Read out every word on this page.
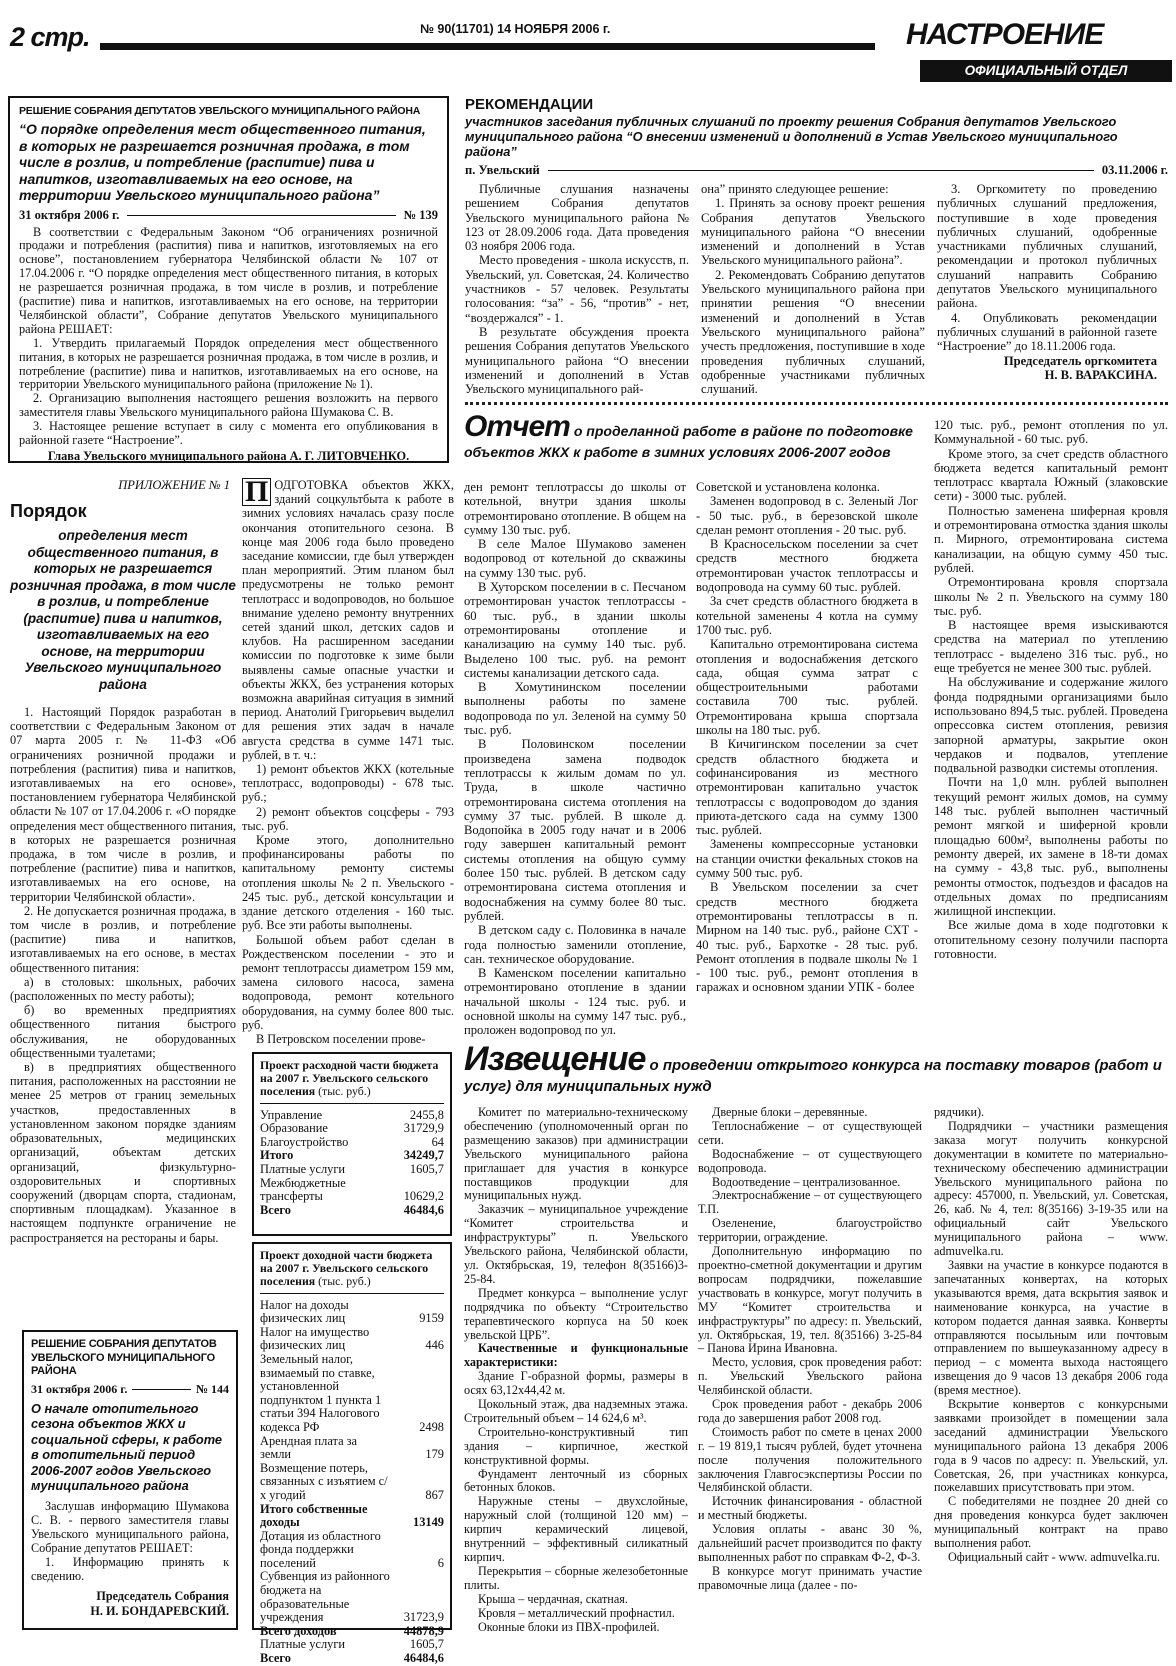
2 стр.	№ 90(11701) 14 НОЯБРЯ 2006 г.	НАСТРОЕНИЕ
ОФИЦИАЛЬНЫЙ ОТДЕЛ
РЕШЕНИЕ СОБРАНИЯ ДЕПУТАТОВ УВЕЛЬСКОГО МУНИЦИПАЛЬНОГО РАЙОНА
“О порядке определения мест общественного питания, в которых не разрешается розничная продажа, в том числе в розлив, и потребление (распитие) пива и напитков, изготавливаемых на его основе, на территории Увельского муниципального района”
31 октября 2006 г.	№ 139

В соответствии с Федеральным Законом “Об ограничениях розничной продажи и потребления (распития) пива и напитков, изготовляемых на его основе”, постановлением губернатора Челябинской области № 107 от 17.04.2006 г. “О порядке определения мест общественного питания, в которых не разрешается розничная продажа, в том числе в розлив, и потребление (распитие) пива и напитков, изготавливаемых на его основе, на территории Челябинской области”, Собрание депутатов Увельского муниципального района РЕШАЕТ:

1. Утвердить прилагаемый Порядок определения мест общественного питания, в которых не разрешается розничная продажа, в том числе в розлив, и потребление (распитие) пива и напитков, изготавливаемых на его основе, на территории Увельского муниципального района (приложение № 1).

2. Организацию выполнения настоящего решения возложить на первого заместителя главы Увельского муниципального района Шумакова С. В.

3. Настоящее решение вступает в силу с момента его опубликования в районной газете “Настроение”.

Глава Увельского муниципального района А. Г. ЛИТОВЧЕНКО.
РЕКОМЕНДАЦИИ
участников заседания публичных слушаний по проекту решения Собрания депутатов Увельского муниципального района “О внесении изменений и дополнений в Устав Увельского муниципального района”
п. Увельский	03.11.2006 г.

Публичные слушания назначены решением Собрания депутатов Увельского муниципального района № 123 от 28.09.2006 года. Дата проведения 03 ноября 2006 года.

Место проведения - школа искусств, п. Увельский, ул. Советская, 24. Количество участников - 57 человек. Результаты голосования: “за” - 56, “против” - нет, “воздержался” - 1.

В результате обсуждения проекта решения Собрания депутатов Увельского муниципального района “О внесении изменений и дополнений в Устав Увельского муниципального рай-

она” принято следующее решение:

1. Принять за основу проект решения Собрания депутатов Увельского муниципального района “О внесении изменений и дополнений в Устав Увельского муниципального района”.

2. Рекомендовать Собранию депутатов Увельского муниципального района при принятии решения “О внесении изменений и дополнений в Устав Увельского муниципального района” учесть предложения, поступившие в ходе проведения публичных слушаний, одобренные участниками публичных слушаний.

3. Оргкомитету по проведению публичных слушаний предложения, поступившие в ходе проведения публичных слушаний, одобренные участниками публичных слушаний, рекомендации и протокол публичных слушаний направить Собранию депутатов Увельского муниципального района.

4. Опубликовать рекомендации публичных слушаний в районной газете “Настроение” до 18.11.2006 года.

Председатель оргкомитета
Н. В. ВАРАКСИНА.
ПРИЛОЖЕНИЕ № 1
Порядок
определения мест общественного питания, в которых не разрешается розничная продажа, в том числе в розлив, и потребление (распитие) пива и напитков, изготавливаемых на его основе, на территории Увельского муниципального района

1. Настоящий Порядок разработан в соответствии с Федеральным Законом от 07 марта 2005 г. № 11-ФЗ «Об ограничениях розничной продажи и потребления (распития) пива и напитков, изготавливаемых на его основе», постановлением губернатора Челябинской области № 107 от 17.04.2006 г. «О порядке определения мест общественного питания, в которых не разрешается розничная продажа, в том числе в розлив, и потребление (распитие) пива и напитков, изготавливаемых на его основе, на территории Челябинской области».

2. Не допускается розничная продажа, в том числе в розлив, и потребление (распитие) пива и напитков, изготавливаемых на его основе, в местах общественного питания:

а) в столовых: школьных, рабочих (расположенных по месту работы);

б) во временных предприятиях общественного питания быстрого обслуживания, не оборудованных общественными туалетами;

в) в предприятиях общественного питания, расположенных на расстоянии не менее 25 метров от границ земельных участков, предоставленных в установленном законом порядке зданиям образовательных, медицинских организаций, объектам детских организаций, физкультурно-оздоровительных и спортивных сооружений (дворцам спорта, стадионам, спортивным площадкам). Указанное в настоящем подпункте ограничение не распространяется на рестораны и бары.

П ОДГОТОВКА объектов ЖКХ, зданий соцкультбыта к работе в зимних условиях началась сразу после окончания отопительного сезона. В конце мая 2006 года было проведено заседание комиссии, где был утвержден план мероприятий. Этим планом был предусмотрены не только ремонт теплотрасс и водопроводов, но большое внимание уделено ремонту внутренних сетей зданий школ, детских садов и клубов. На расширенном заседании комиссии по подготовке к зиме были выявлены самые опасные участки и объекты ЖКХ, без устранения которых возможна аварийная ситуация в зимний период. Анатолий Григорьевич выделил для решения этих задач в начале августа средства в сумме 1471 тыс. рублей, в т. ч.:

1) ремонт объектов ЖКХ (котельные теплотрасс, водопроводы) - 678 тыс. руб.;

2) ремонт объектов соцсферы - 793 тыс. руб.

Кроме этого, дополнительно профинансированы работы по капитальному ремонту системы отопления школы № 2 п. Увельского - 245 тыс. руб., детской консультации и здание детского отделения - 160 тыс. руб. Все эти работы выполнены.

Большой объем работ сделан в Рождественском поселении - это и ремонт теплотрассы диаметром 159 мм, замена силового насоса, замена водопровода, ремонт котельного оборудования, на сумму более 800 тыс. руб.

В Петровском поселении прове-

Проект расходной части бюджета на 2007 г. Увельского сельского поселения (тыс. руб.)
Управление	2455,8
Образование	31729,9
Благоустройство	64
Итого	34249,7
Платные услуги	1605,7
Межбюджетные трансферты	10629,2
Всего	46484,6
Проект доходной части бюджета на 2007 г. Увельского сельского поселения (тыс. руб.)
Налог на доходы физических лиц	9159
Налог на имущество физических лиц	446
Земельный налог, взимаемый по ставке, установленной подпунктом 1 пункта 1 статьи 394 Налогового кодекса РФ	2498
Арендная плата за земли	179
Возмещение потерь, связанных с изъятием с/х угодий	867
Итого собственные доходы	13149
Дотация из областного фонда поддержки поселений	6
Субвенция из районного бюджета на образовательные учреждения	31723,9
Всего доходов	44878,9
Платные услуги	1605,7
Всего	46484,6
РЕШЕНИЕ СОБРАНИЯ ДЕПУТАТОВ УВЕЛЬСКОГО МУНИЦИПАЛЬНОГО РАЙОНА
31 октября 2006 г.	№ 144
О начале отопительного сезона объектов ЖКХ и социальной сферы, к работе в отопительный период 2006-2007 годов Увельского муниципального района

Заслушав информацию Шумакова С. В. - первого заместителя главы Увельского муниципального района, Собрание депутатов РЕШАЕТ:

1. Информацию принять к сведению.

Председатель Собрания
Н. И. БОНДАРЕВСКИЙ.
Отчет о проделанной работе в районе по подготовке объектов ЖКХ к работе в зимних условиях 2006-2007 годов

ден ремонт теплотрассы до школы от котельной, внутри здания школы отремонтировано отопление. В общем на сумму 130 тыс. руб.

В селе Малое Шумаково заменен водопровод от котельной до скважины на сумму 130 тыс. руб.

В Хуторском поселении в с. Песчаном отремонтирован участок теплотрассы - 60 тыс. руб., в здании школы отремонтированы отопление и канализацию на сумму 140 тыс. руб. Выделено 100 тыс. руб. на ремонт системы канализации детского сада.

В Хомутининском поселении выполнены работы по замене водопровода по ул. Зеленой на сумму 50 тыс. руб.

В Половинском поселении произведена замена подводок теплотрассы к жилым домам по ул. Труда, в школе частично отремонтирована система отопления на сумму 37 тыс. рублей. В школе д. Водопойка в 2005 году начат и в 2006 году завершен капитальный ремонт системы отопления на общую сумму более 150 тыс. рублей. В детском саду отремонтирована система отопления и водоснабжения на сумму более 80 тыс. рублей.

В детском саду с. Половинка в начале года полностью заменили отопление, сан. техническое оборудование.

В Каменском поселении капитально отремонтировано отопление в здании начальной школы - 124 тыс. руб. и основной школы на сумму 147 тыс. руб., проложен водопровод по ул.

Советской и установлена колонка.

Заменен водопровод в с. Зеленый Лог - 50 тыс. руб., в березовской школе сделан ремонт отопления - 20 тыс. руб.

В Красносельском поселении за счет средств местного бюджета отремонтирован участок теплотрассы и водопровода на сумму 60 тыс. рублей.

За счет средств областного бюджета в котельной заменены 4 котла на сумму 1700 тыс. руб.

Капитально отремонтирована система отопления и водоснабжения детского сада, общая сумма затрат с общестроительными работами составила 700 тыс. рублей. Отремонтирована крыша спортзала школы на 180 тыс. руб.

В Кичигинском поселении за счет средств областного бюджета и софинансирования из местного отремонтирован капитально участок теплотрассы с водопроводом до здания приюта-детского сада на сумму 1300 тыс. рублей.

Заменены компрессорные установки на станции очистки фекальных стоков на сумму 500 тыс. руб.

В Увельском поселении за счет средств местного бюджета отремонтированы теплотрассы в п. Мирном на 140 тыс. руб., районе СХТ - 40 тыс. руб., Бархотке - 28 тыс. руб. Ремонт отопления в подвале школы № 1 - 100 тыс. руб., ремонт отопления в гаражах и основном здании УПК - более

120 тыс. руб., ремонт отопления по ул. Коммунальной - 60 тыс. руб.

Кроме этого, за счет средств областного бюджета ведется капитальный ремонт теплотрасс квартала Южный (злаковские сети) - 3000 тыс. рублей.

Полностью заменена шиферная кровля и отремонтирована отмостка здания школы п. Мирного, отремонтирована система канализации, на общую сумму 450 тыс. рублей.

Отремонтирована кровля спортзала школы № 2 п. Увельского на сумму 180 тыс. руб.

В настоящее время изыскиваются средства на материал по утеплению теплотрасс - выделено 316 тыс. руб., но еще требуется не менее 300 тыс. рублей.

На обслуживание и содержание жилого фонда подрядными организациями было использовано 894,5 тыс. рублей. Проведена опрессовка систем отопления, ревизия запорной арматуры, закрытие окон чердаков и подвалов, утепление подвальной разводки системы отопления.

Почти на 1,0 млн. рублей выполнен текущий ремонт жилых домов, на сумму 148 тыс. рублей выполнен частичный ремонт мягкой и шиферной кровли площадью 600м², выполнены работы по ремонту дверей, их замене в 18-ти домах на сумму - 43,8 тыс. руб., выполнены ремонты отмосток, подъездов и фасадов на отдельных домах по предписаниям жилищной инспекции.

Все жилые дома в ходе подготовки к отопительному сезону получили паспорта готовности.

Извещение о проведении открытого конкурса на поставку товаров (работ и услуг) для муниципальных нужд

Комитет по материально-техническому обеспечению (уполномоченный орган по размещению заказов) при администрации Увельского муниципального района приглашает для участия в конкурсе поставщиков продукции для муниципальных нужд.

Заказчик – муниципальное учреждение “Комитет строительства и инфраструктуры” п. Увельского Увельского района, Челябинской области, ул. Октябрьская, 19, телефон 8(35166)3-25-84.

Предмет конкурса – выполнение услуг подрядчика по объекту “Строительство терапевтического корпуса на 50 коек увельской ЦРБ”.

Качественные и функциональные характеристики:

Здание Г-образной формы, размеры в осях 63,12х44,42 м.

Цокольный этаж, два надземных этажа. Строительный объем – 14 624,6 м³.

Строительно-конструктивный тип здания – кирпичное, жесткой конструктивной формы.

Фундамент ленточный из сборных бетонных блоков.

Наружные стены – двухслойные, наружный слой (толщиной 120 мм) – кирпич керамический лицевой, внутренний – эффективный силикатный кирпич.

Перекрытия – сборные железобетонные плиты.

Крыша – чердачная, скатная.

Кровля – металлический профнастил.

Оконные блоки из ПВХ-профилей.

Дверные блоки – деревянные.

Теплоснабжение – от существующей сети.

Водоснабжение – от существующего водопровода.

Водоотведение – централизованное.

Электроснабжение – от существующего Т.П.

Озеленение, благоустройство территории, ограждение.

Дополнительную информацию по проектно-сметной документации и другим вопросам подрядчики, пожелавшие участвовать в конкурсе, могут получить в МУ “Комитет строительства и инфраструктуры” по адресу: п. Увельский, ул. Октябрьская, 19, тел. 8(35166) 3-25-84 – Панова Ирина Ивановна.

Место, условия, срок проведения работ: п. Увельский Увельского района Челябинской области.

Срок проведения работ - декабрь 2006 года до завершения работ 2008 год.

Стоимость работ по смете в ценах 2000 г. – 19 819,1 тысяч рублей, будет уточнена после получения положительного заключения Главгосэкспертизы России по Челябинской области.

Источник финансирования - областной и местный бюджеты.

Условия оплаты - аванс 30 %, дальнейший расчет производится по факту выполненных работ по справкам Ф-2, Ф-3.

В конкурсе могут принимать участие правомочные лица (далее - по-

рядчики).

Подрядчики – участники размещения заказа могут получить конкурсной документации в комитете по материально-техническому обеспечению администрации Увельского муниципального района по адресу: 457000, п. Увельский, ул. Советская, 26, каб. № 4, тел: 8(35166) 3-19-35 или на официальный сайт Увельского муниципального района – www. admuvelka.ru.

Заявки на участие в конкурсе подаются в запечатанных конвертах, на которых указываются время, дата вскрытия заявок и наименование конкурса, на участие в котором подается данная заявка. Конверты отправляются посыльным или почтовым отправлением по вышеуказанному адресу в период – с момента выхода настоящего извещения до 9 часов 13 декабря 2006 года (время местное).

Вскрытие конвертов с конкурсными заявками произойдет в помещении зала заседаний администрации Увельского муниципального района 13 декабря 2006 года в 9 часов по адресу: п. Увельский, ул. Советская, 26, при участниках конкурса, пожелавших присутствовать при этом.

С победителями не позднее 20 дней со дня проведения конкурса будет заключен муниципальный контракт на право выполнения работ.

Официальный сайт - www. admuvelka.ru.
